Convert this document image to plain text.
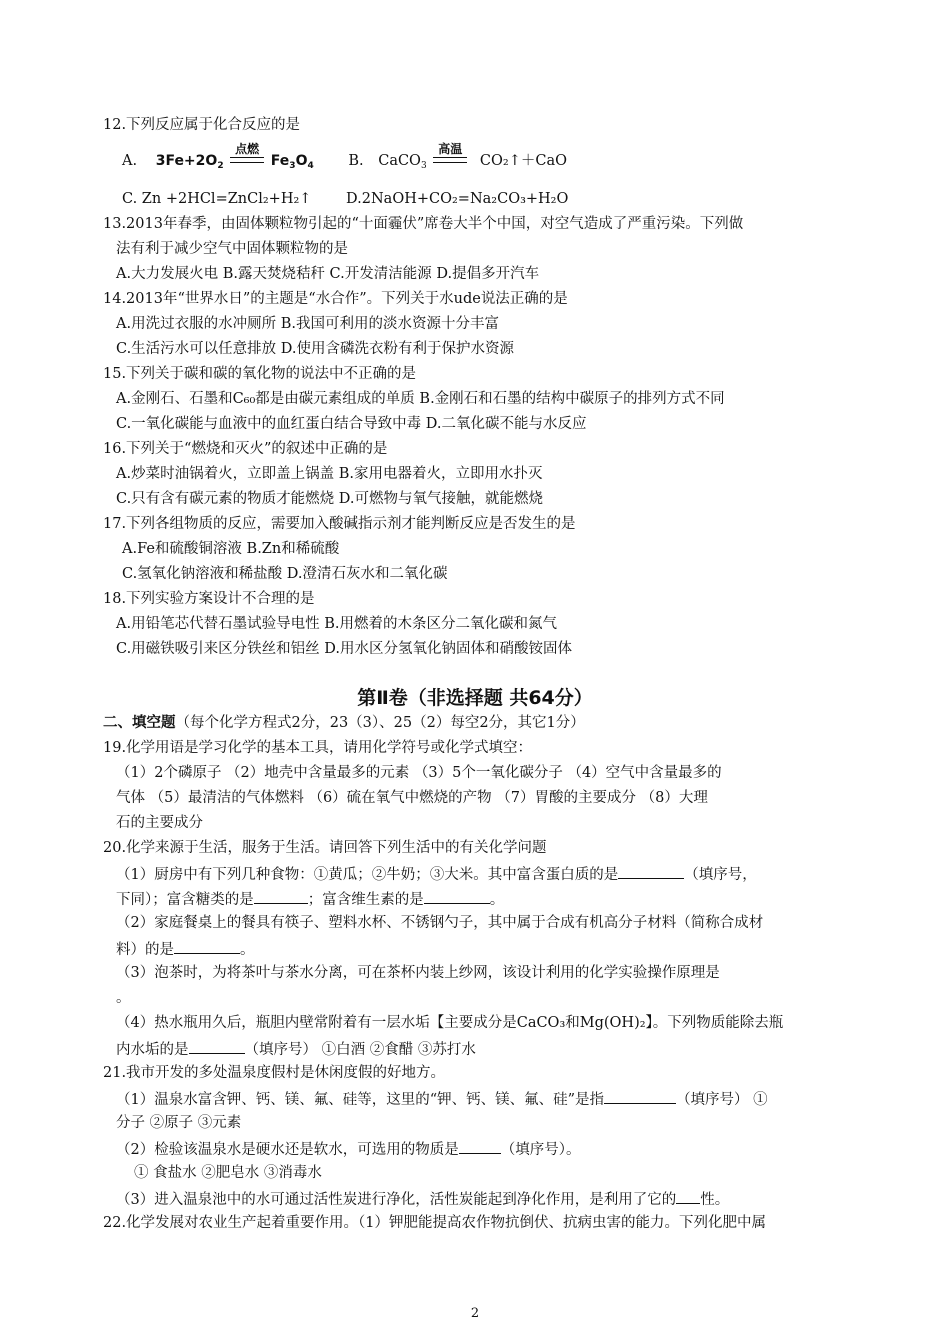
12.下列反应属于化合反应的是
A. $3Fe+2O_2$
点燃
$Fe_3O_4$ B. CaCO$_3$
高温
CO₂↑＋CaO
C. Zn +2HCl=ZnCl₂+H₂↑ D.2NaOH+CO₂=Na₂CO₃+H₂O
13.2013年春季，由固体颗粒物引起的“十面霾伏”席卷大半个中国，对空气造成了严重污染。下列做
法有利于减少空气中固体颗粒物的是
A.大力发展火电 B.露天焚烧秸秆 C.开发清洁能源 D.提倡多开汽车
14.2013年“世界水日”的主题是“水合作”。下列关于水ude说法正确的是
A.用洗过衣服的水冲厕所 B.我国可利用的淡水资源十分丰富
C.生活污水可以任意排放 D.使用含磷洗衣粉有利于保护水资源
15.下列关于碳和碳的氧化物的说法中不正确的是
A.金刚石、石墨和C₆₀都是由碳元素组成的单质 B.金刚石和石墨的结构中碳原子的排列方式不同
C.一氧化碳能与血液中的血红蛋白结合导致中毒 D.二氧化碳不能与水反应
16.下列关于“燃烧和灭火”的叙述中正确的是
A.炒菜时油锅着火，立即盖上锅盖 B.家用电器着火，立即用水扑灭
C.只有含有碳元素的物质才能燃烧 D.可燃物与氧气接触，就能燃烧
17.下列各组物质的反应，需要加入酸碱指示剂才能判断反应是否发生的是
A.Fe和硫酸铜溶液 B.Zn和稀硫酸
C.氢氧化钠溶液和稀盐酸 D.澄清石灰水和二氧化碳
18.下列实验方案设计不合理的是
A.用铅笔芯代替石墨试验导电性 B.用燃着的木条区分二氧化碳和氮气
C.用磁铁吸引来区分铁丝和铝丝 D.用水区分氢氧化钠固体和硝酸铵固体
第Ⅱ卷（非选择题 共64分）
二、填空题（每个化学方程式2分，23（3）、25（2）每空2分，其它1分）
19.化学用语是学习化学的基本工具，请用化学符号或化学式填空：
（1）2个磷原子 （2）地壳中含量最多的元素 （3）5个一氧化碳分子 （4）空气中含量最多的
气体 （5）最清洁的气体燃料 （6）硫在氧气中燃烧的产物 （7）胃酸的主要成分 （8）大理
石的主要成分
20.化学来源于生活，服务于生活。请回答下列生活中的有关化学问题
（1）厨房中有下列几种食物：①黄瓜；②牛奶；③大米。其中富含蛋白质的是	（填序号，
下同）；富含糖类的是	；富含维生素的是	。
（2）家庭餐桌上的餐具有筷子、塑料水杯、不锈钢勺子，其中属于合成有机高分子材料（简称合成材
料）的是	。
（3）泡茶时，为将茶叶与茶水分离，可在茶杯内装上纱网，该设计利用的化学实验操作原理是
。
（4）热水瓶用久后，瓶胆内壁常附着有一层水垢【主要成分是CaCO₃和Mg(OH)₂】。下列物质能除去瓶
内水垢的是	（填序号） ①白酒 ②食醋 ③苏打水
21.我市开发的多处温泉度假村是休闲度假的好地方。
（1）温泉水富含钾、钙、镁、氟、硅等，这里的“钾、钙、镁、氟、硅”是指	（填序号） ①
分子 ②原子 ③元素
（2）检验该温泉水是硬水还是软水，可选用的物质是	（填序号）。
① 食盐水 ②肥皂水 ③消毒水
（3）进入温泉池中的水可通过活性炭进行净化，活性炭能起到净化作用，是利用了它的 性。
22.化学发展对农业生产起着重要作用。（1）钾肥能提高农作物抗倒伏、抗病虫害的能力。下列化肥中属
2
